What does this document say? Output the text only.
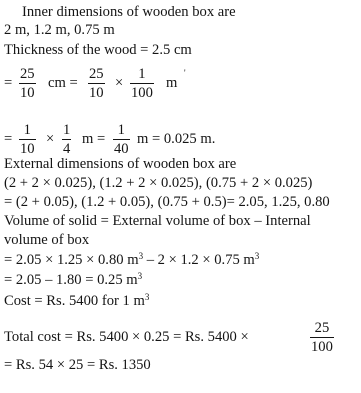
Inner dimensions of wooden box are
2 m, 1.2 m, 0.75 m
Thickness of the wood = 2.5 cm
= $\frac{25}{10}$ cm = $\frac{25}{10} \times \frac{1}{100}$ m
'
= $\frac{1}{10} \times \frac{1}{4}$ $m = \frac{1}{40}$ m = 0.025 m.
External dimensions of wooden box are
(2 + 2 × 0.025), (1.2 + 2 × 0.025), (0.75 + 2 × 0.025)
= (2 + 0.05), (1.2 + 0.05), (0.75 + 0.5)= 2.05, 1.25, 0.80
Volume of solid = External volume of box – Internal
volume of box
= 2.05 × 1.25 × 0.80 $m^3 - 2 \times 1.2 \times 0.75$ $m^3$
= 2.05 – 1.80 = 0.25 $m^3$
Cost = Rs. 5400 for 1 $m^3$
Total cost = Rs. 5400 × 0.25 = Rs. 5400 ×	$\frac{25}{100}$
= Rs. 54 × 25 = Rs. 1350
